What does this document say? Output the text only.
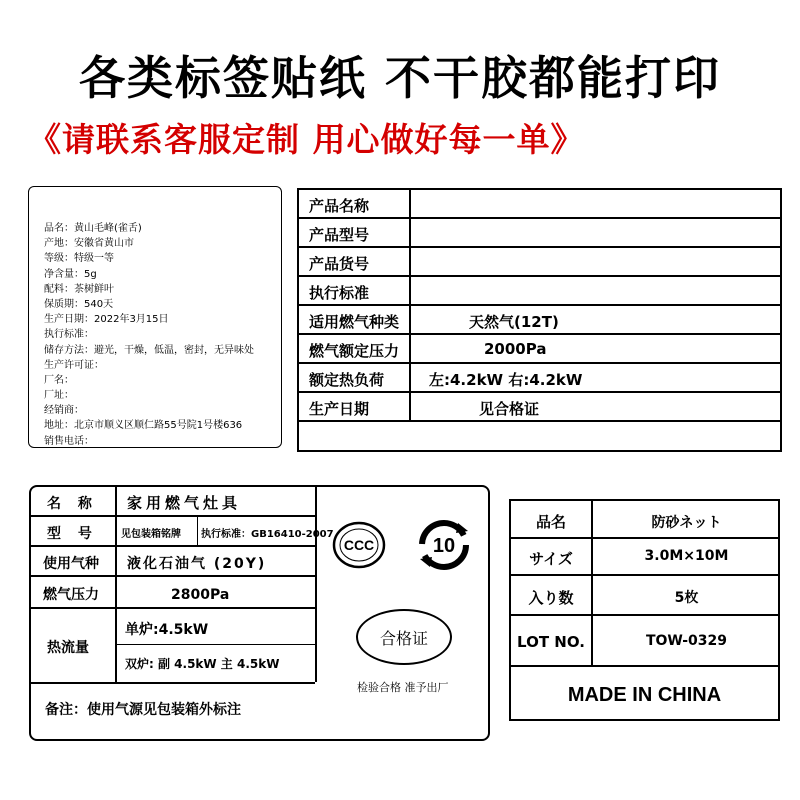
各类标签贴纸 不干胶都能打印
《请联系客服定制 用心做好每一单》
品名：黄山毛峰(雀舌)
产地：安徽省黄山市
等级：特级一等
净含量：5g
配料：茶树鲜叶
保质期：540天
生产日期：2022年3月15日
执行标准：
储存方法：避光，干燥，低温，密封，无异味处
生产许可证：
厂名：
厂址：
经销商：
地址：北京市顺义区顺仁路55号院1号楼636
销售电话：
产品名称
产品型号
产品货号
执行标准
适用燃气种类	天然气(12T)
燃气额定压力	2000Pa
额定热负荷	左:4.2kW 右:4.2kW
生产日期	见合格证
名 称 家用燃气灶具
型 号 见包装箱铭牌 执行标准：GB16410-2007
使用气种 液化石油气 (20Y)
燃气压力	2800Pa
热流量
单炉:4.5kW
双炉: 副 4.5kW 主 4.5kW
备注：使用气源见包装箱外标注
CCC	10
合格证
检验合格 准予出厂
品名	防砂ネット
サイズ	3.0M×10M
入り数	5枚
LOT NO.	TOW-0329
MADE IN CHINA
